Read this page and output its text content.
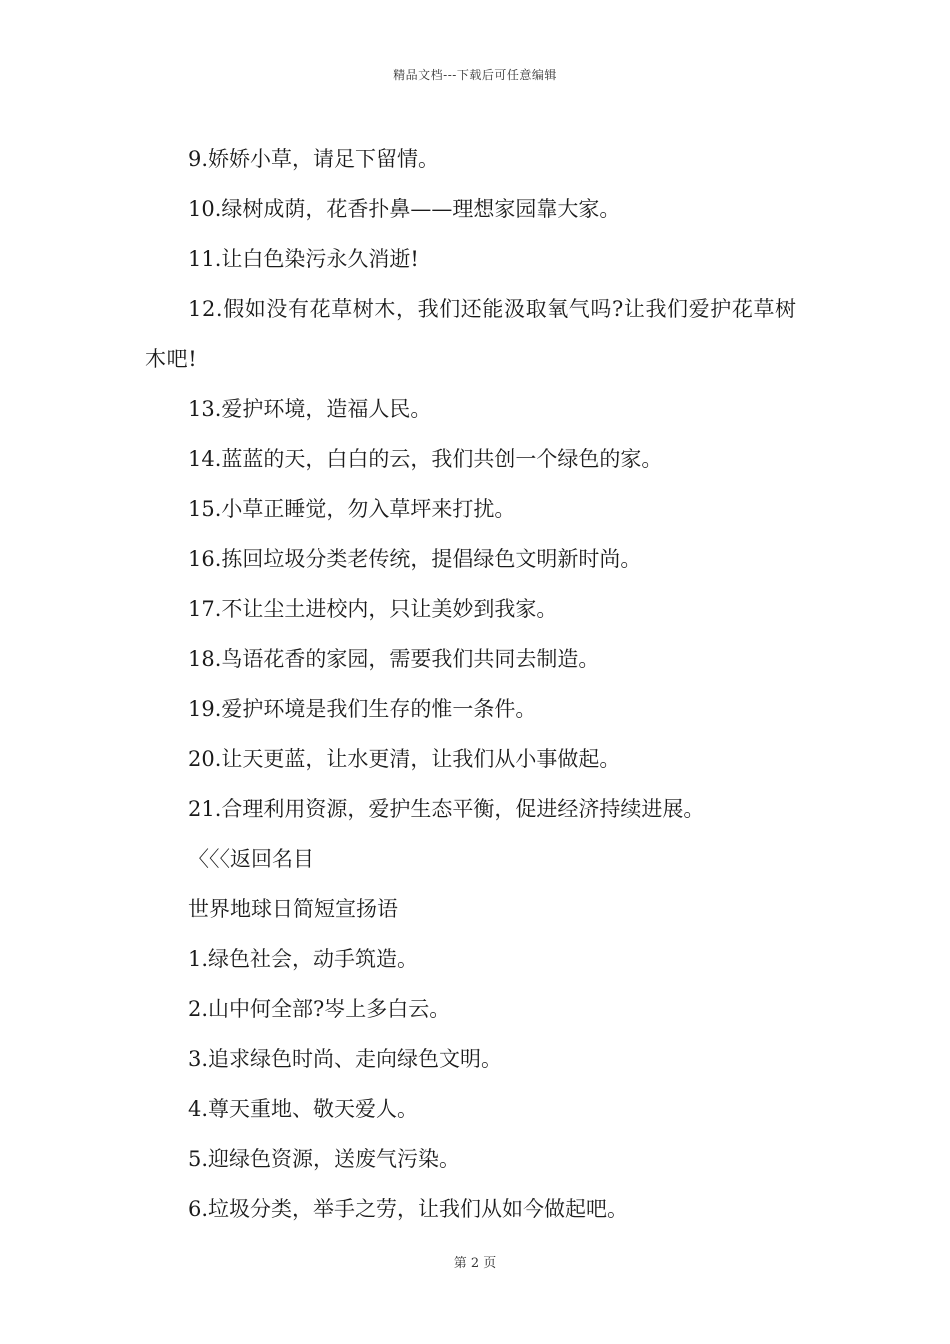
精品文档---下载后可任意编辑
9.娇娇小草，请足下留情。
10.绿树成荫，花香扑鼻——理想家园靠大家。
11.让白色染污永久消逝!
12.假如没有花草树木，我们还能汲取氧气吗?让我们爱护花草树木吧!
13.爱护环境，造福人民。
14.蓝蓝的天，白白的云，我们共创一个绿色的家。
15.小草正睡觉，勿入草坪来打扰。
16.拣回垃圾分类老传统，提倡绿色文明新时尚。
17.不让尘土进校内，只让美妙到我家。
18.鸟语花香的家园，需要我们共同去制造。
19.爱护环境是我们生存的惟一条件。
20.让天更蓝，让水更清，让我们从小事做起。
21.合理利用资源，爱护生态平衡，促进经济持续进展。
〈〈〈返回名目
世界地球日简短宣扬语
1.绿色社会，动手筑造。
2.山中何全部?岑上多白云。
3.追求绿色时尚、走向绿色文明。
4.尊天重地、敬天爱人。
5.迎绿色资源，送废气污染。
6.垃圾分类，举手之劳，让我们从如今做起吧。
第 2 页
